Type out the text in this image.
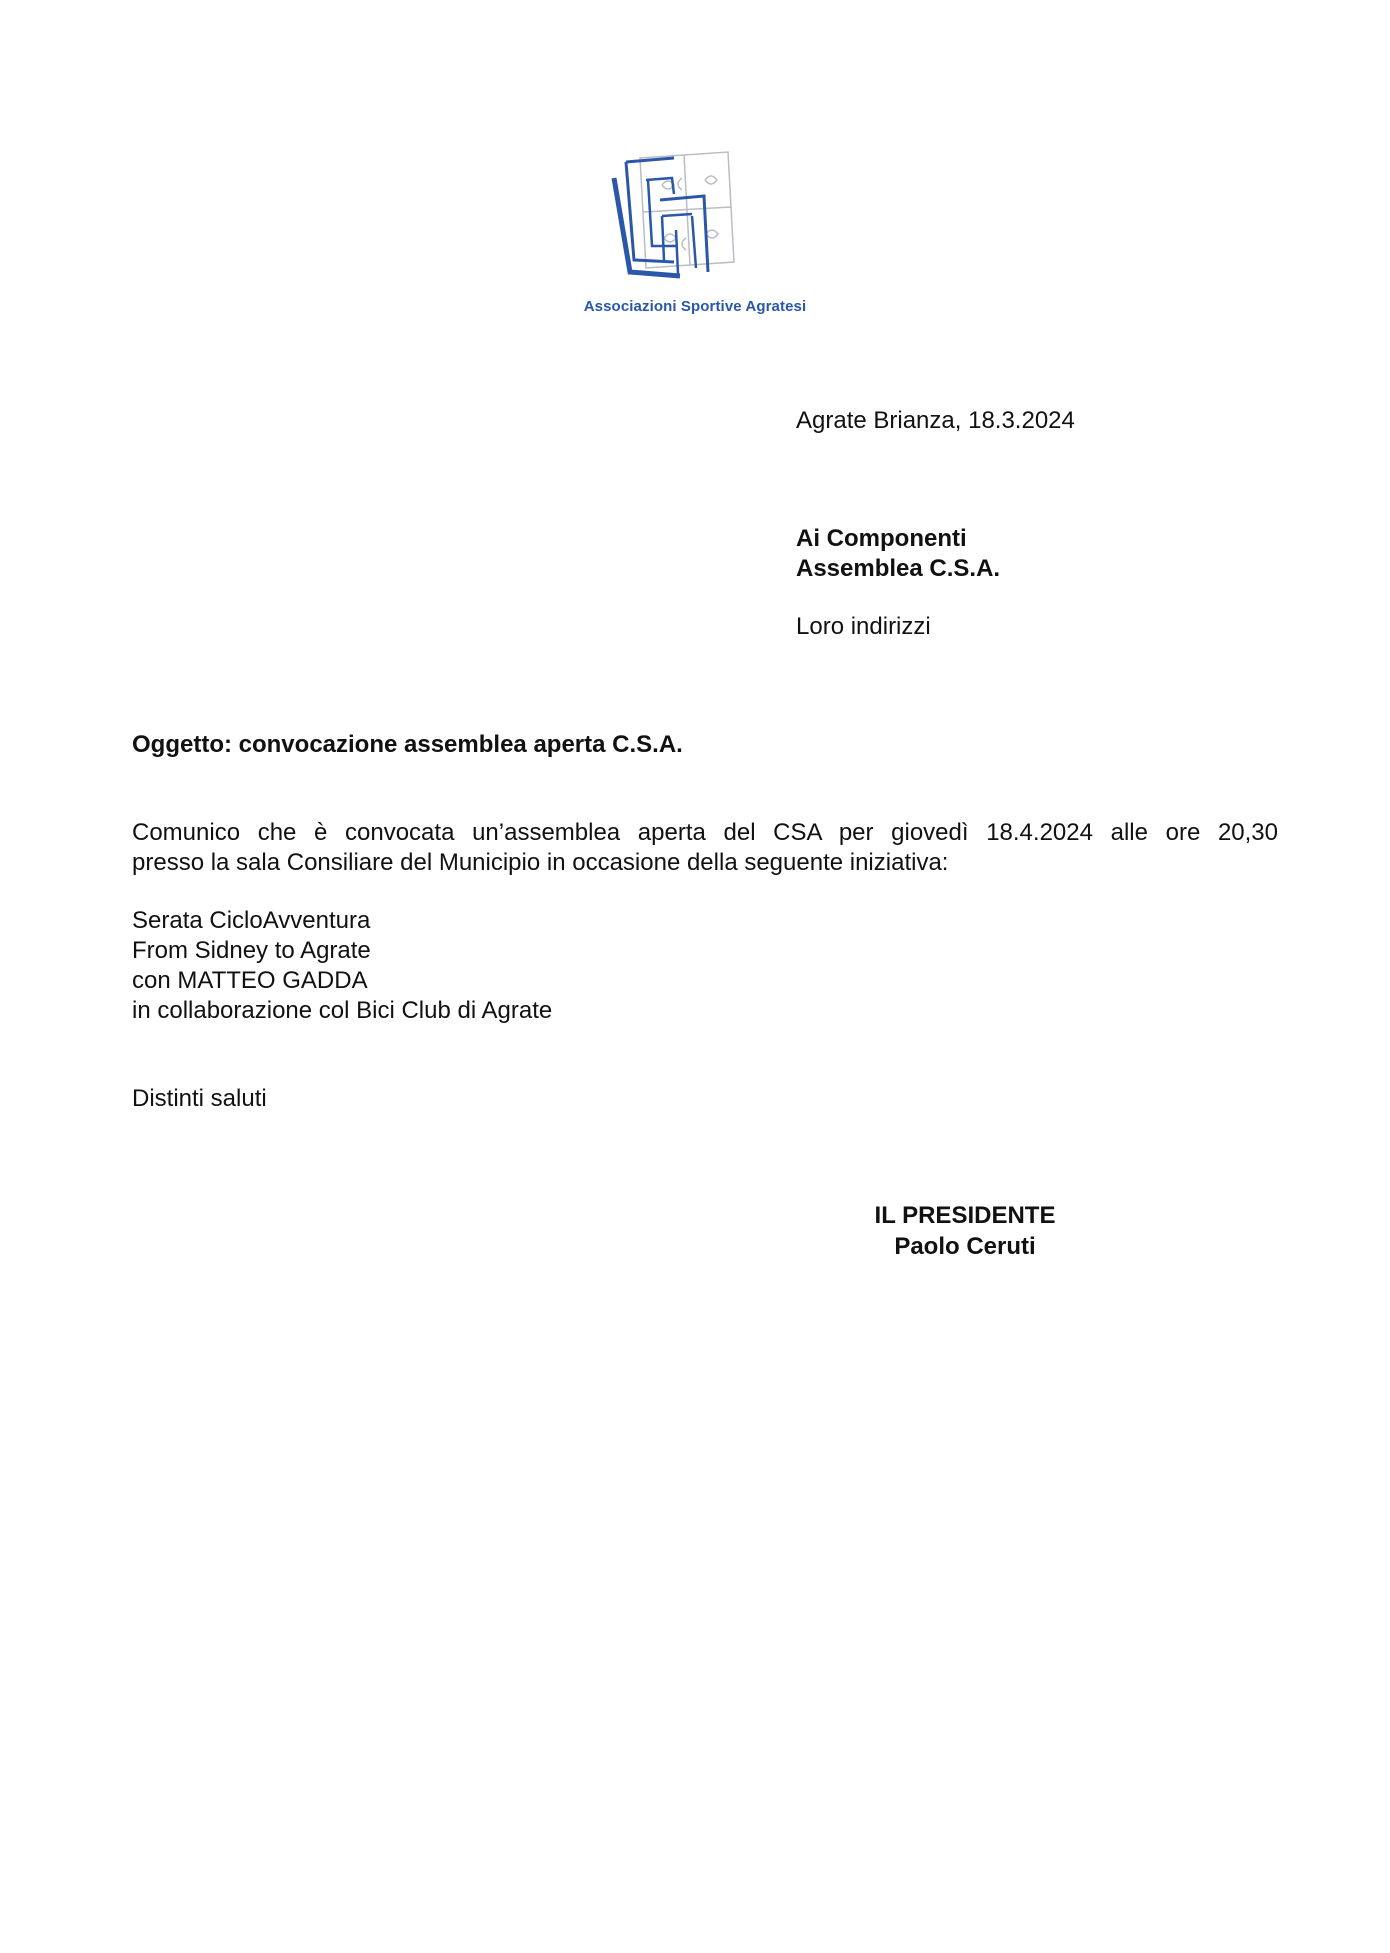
Associazioni Sportive Agratesi
Agrate Brianza, 18.3.2024
Ai Componenti
Assemblea C.S.A.
Loro indirizzi
Oggetto: convocazione assemblea aperta C.S.A.
Comunico che è convocata un’assemblea aperta del CSA per giovedì 18.4.2024 alle ore 20,30
presso la sala Consiliare del Municipio in occasione della seguente iniziativa:
Serata CicloAvventura
From Sidney to Agrate
con MATTEO GADDA
in collaborazione col Bici Club di Agrate
Distinti saluti
IL PRESIDENTE
Paolo Ceruti
